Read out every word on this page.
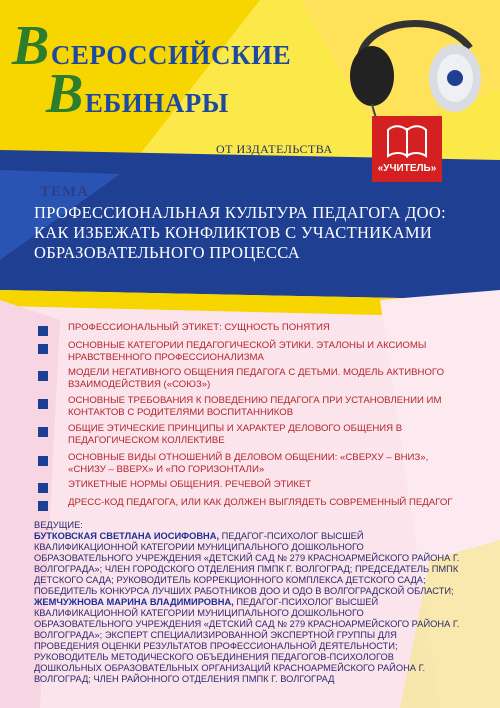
ВСЕРОССИЙСКИЕ
ВЕБИНАРЫ
ОТ ИЗДАТЕЛЬСТВА
«УЧИТЕЛЬ»
ТЕМА
ПРОФЕССИОНАЛЬНАЯ КУЛЬТУРА ПЕДАГОГА ДОО: КАК ИЗБЕЖАТЬ КОНФЛИКТОВ С УЧАСТНИКАМИ ОБРАЗОВАТЕЛЬНОГО ПРОЦЕССА
ПРОФЕССИОНАЛЬНЫЙ ЭТИКЕТ: СУЩНОСТЬ ПОНЯТИЯ
ОСНОВНЫЕ КАТЕГОРИИ ПЕДАГОГИЧЕСКОЙ ЭТИКИ. ЭТАЛОНЫ И АКСИОМЫ НРАВСТВЕННОГО ПРОФЕССИОНАЛИЗМА
МОДЕЛИ НЕГАТИВНОГО ОБЩЕНИЯ ПЕДАГОГА С ДЕТЬМИ. МОДЕЛЬ АКТИВНОГО ВЗАИМОДЕЙСТВИЯ («СОЮЗ»)
ОСНОВНЫЕ ТРЕБОВАНИЯ К ПОВЕДЕНИЮ ПЕДАГОГА ПРИ УСТАНОВЛЕНИИ ИМ КОНТАКТОВ С РОДИТЕЛЯМИ ВОСПИТАННИКОВ
ОБЩИЕ ЭТИЧЕСКИЕ ПРИНЦИПЫ И ХАРАКТЕР ДЕЛОВОГО ОБЩЕНИЯ В ПЕДАГОГИЧЕСКОМ КОЛЛЕКТИВЕ
ОСНОВНЫЕ ВИДЫ ОТНОШЕНИЙ В ДЕЛОВОМ ОБЩЕНИИ: «СВЕРХУ – ВНИЗ», «СНИЗУ – ВВЕРХ» И «ПО ГОРИЗОНТАЛИ»
ЭТИКЕТНЫЕ НОРМЫ ОБЩЕНИЯ. РЕЧЕВОЙ ЭТИКЕТ
ДРЕСС-КОД ПЕДАГОГА, ИЛИ КАК ДОЛЖЕН ВЫГЛЯДЕТЬ СОВРЕМЕННЫЙ ПЕДАГОГ

ВЕДУЩИЕ:

БУТКОВСКАЯ СВЕТЛАНА ИОСИФОВНА, ПЕДАГОГ-ПСИХОЛОГ ВЫСШЕЙ КВАЛИФИКАЦИОННОЙ КАТЕГОРИИ МУНИЦИПАЛЬНОГО ДОШКОЛЬНОГО ОБРАЗОВАТЕЛЬНОГО УЧРЕЖДЕНИЯ «ДЕТСКИЙ САД № 279 КРАСНОАРМЕЙСКОГО РАЙОНА Г. ВОЛГОГРАДА»; ЧЛЕН ГОРОДСКОГО ОТДЕЛЕНИЯ ПМПК Г. ВОЛГОГРАД; ПРЕДСЕДАТЕЛЬ ПМПК ДЕТСКОГО САДА; РУКОВОДИТЕЛЬ КОРРЕКЦИОННОГО КОМПЛЕКСА ДЕТСКОГО САДА; ПОБЕДИТЕЛЬ КОНКУРСА ЛУЧШИХ РАБОТНИКОВ ДОО И ОДО В ВОЛГОГРАДСКОЙ ОБЛАСТИ;

ЖЕМЧУЖНОВА МАРИНА ВЛАДИМИРОВНА, ПЕДАГОГ-ПСИХОЛОГ ВЫСШЕЙ КВАЛИФИКАЦИОННОЙ КАТЕГОРИИ МУНИЦИПАЛЬНОГО ДОШКОЛЬНОГО ОБРАЗОВАТЕЛЬНОГО УЧРЕЖДЕНИЯ «ДЕТСКИЙ САД № 279 КРАСНОАРМЕЙСКОГО РАЙОНА Г. ВОЛГОГРАДА»; ЭКСПЕРТ СПЕЦИАЛИЗИРОВАННОЙ ЭКСПЕРТНОЙ ГРУППЫ ДЛЯ ПРОВЕДЕНИЯ ОЦЕНКИ РЕЗУЛЬТАТОВ ПРОФЕССИОНАЛЬНОЙ ДЕЯТЕЛЬНОСТИ; РУКОВОДИТЕЛЬ МЕТОДИЧЕСКОГО ОБЪЕДИНЕНИЯ ПЕДАГОГОВ-ПСИХОЛОГОВ ДОШКОЛЬНЫХ ОБРАЗОВАТЕЛЬНЫХ ОРГАНИЗАЦИЙ КРАСНОАРМЕЙСКОГО РАЙОНА Г. ВОЛГОГРАД; ЧЛЕН РАЙОННОГО ОТДЕЛЕНИЯ ПМПК Г. ВОЛГОГРАД
